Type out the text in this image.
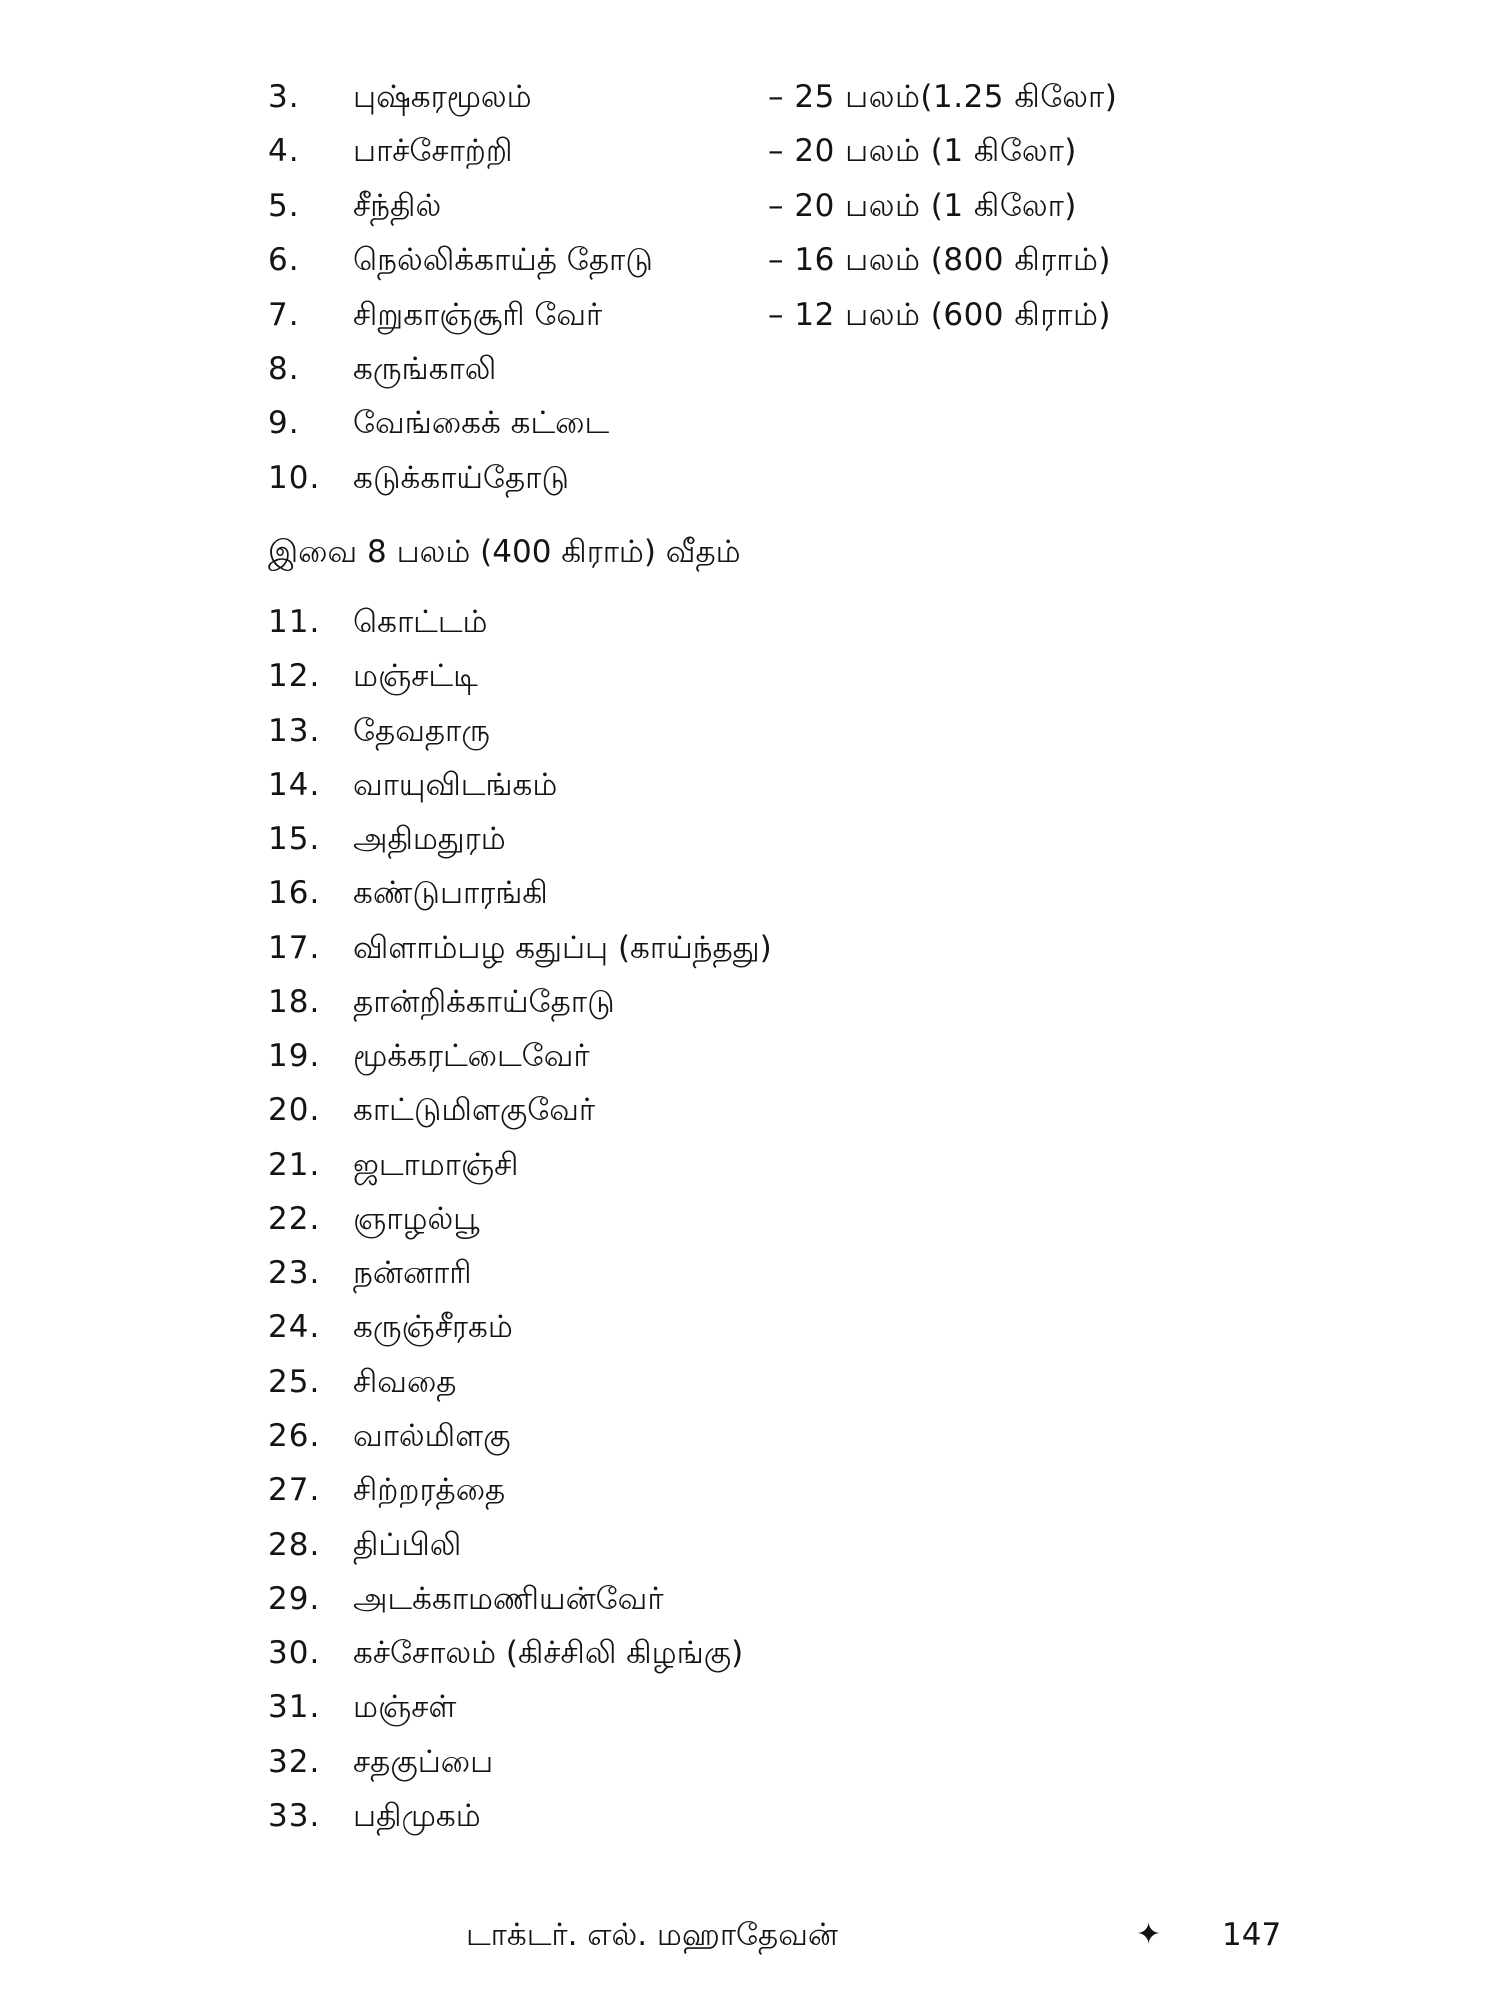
3. புஷ்கரமூலம்	– 25 பலம்(1.25 கிலோ)
4. பாச்சோற்றி	– 20 பலம் (1 கிலோ)
5. சீந்தில்	– 20 பலம் (1 கிலோ)
6. நெல்லிக்காய்த் தோடு	– 16 பலம் (800 கிராம்)
7. சிறுகாஞ்சூரி வேர்	– 12 பலம் (600 கிராம்)
8. கருங்காலி
9. வேங்கைக் கட்டை
10. கடுக்காய்தோடு
இவை 8 பலம் (400 கிராம்) வீதம்
11. கொட்டம்
12. மஞ்சட்டி
13. தேவதாரு
14. வாயுவிடங்கம்
15. அதிமதுரம்
16. கண்டுபாரங்கி
17. விளாம்பழ கதுப்பு (காய்ந்தது)
18. தான்றிக்காய்தோடு
19. மூக்கரட்டைவேர்
20. காட்டுமிளகுவேர்
21. ஜடாமாஞ்சி
22. ஞாழல்பூ
23. நன்னாரி
24. கருஞ்சீரகம்
25. சிவதை
26. வால்மிளகு
27. சிற்றரத்தை
28. திப்பிலி
29. அடக்காமணியன்வேர்
30. கச்சோலம் (கிச்சிலி கிழங்கு)
31. மஞ்சள்
32. சதகுப்பை
33. பதிமுகம்
டாக்டர். எல். மஹாதேவன்	✦ 147
